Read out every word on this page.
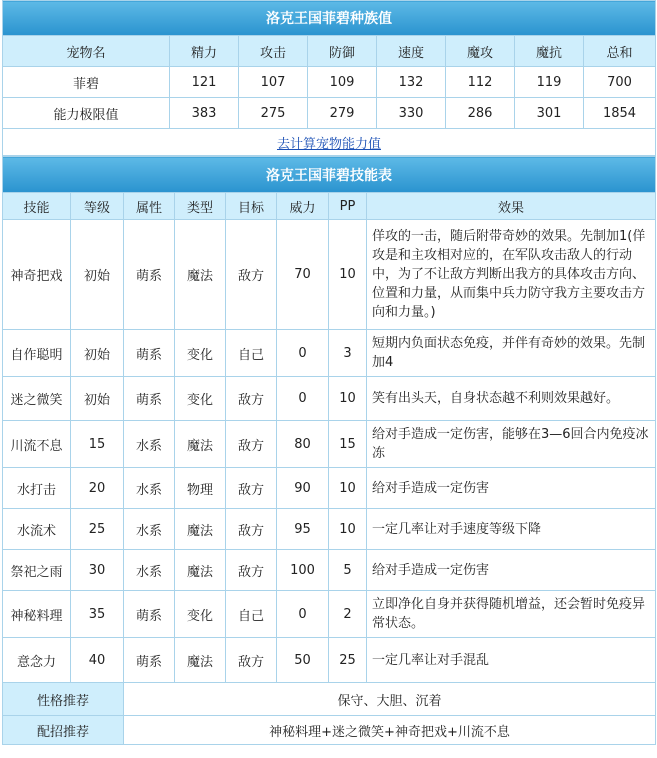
洛克王国菲碧种族值							
宠物名	精力	攻击	防御	速度	魔攻	魔抗	总和
菲碧	121	107	109	132	112	119	700
能力极限值	383	275	279	330	286	301	1854
去计算宠物能力值							
洛克王国菲碧技能表							
技能	等级	属性	类型	目标	威力	PP	效果
神奇把戏	初始	萌系	魔法	敌方	70	10	佯攻的一击，随后附带奇妙的效果。先制加1(佯攻是和主攻相对应的，在军队攻击敌人的行动中，为了不让敌方判断出我方的具体攻击方向、位置和力量，从而集中兵力防守我方主要攻击方向和力量。)
自作聪明	初始	萌系	变化	自己	0	3	短期内负面状态免疫，并伴有奇妙的效果。先制加4
迷之微笑	初始	萌系	变化	敌方	0	10	笑有出头天，自身状态越不利则效果越好。
川流不息	15	水系	魔法	敌方	80	15	给对手造成一定伤害，能够在3—6回合内免疫冰冻
水打击	20	水系	物理	敌方	90	10	给对手造成一定伤害
水流术	25	水系	魔法	敌方	95	10	一定几率让对手速度等级下降
祭祀之雨	30	水系	魔法	敌方	100	5	给对手造成一定伤害
神秘料理	35	萌系	变化	自己	0	2	立即净化自身并获得随机增益，还会暂时免疫异常状态。
意念力	40	萌系	魔法	敌方	50	25	一定几率让对手混乱
性格推荐		保守、大胆、沉着					
配招推荐		神秘料理+迷之微笑+神奇把戏+川流不息					
